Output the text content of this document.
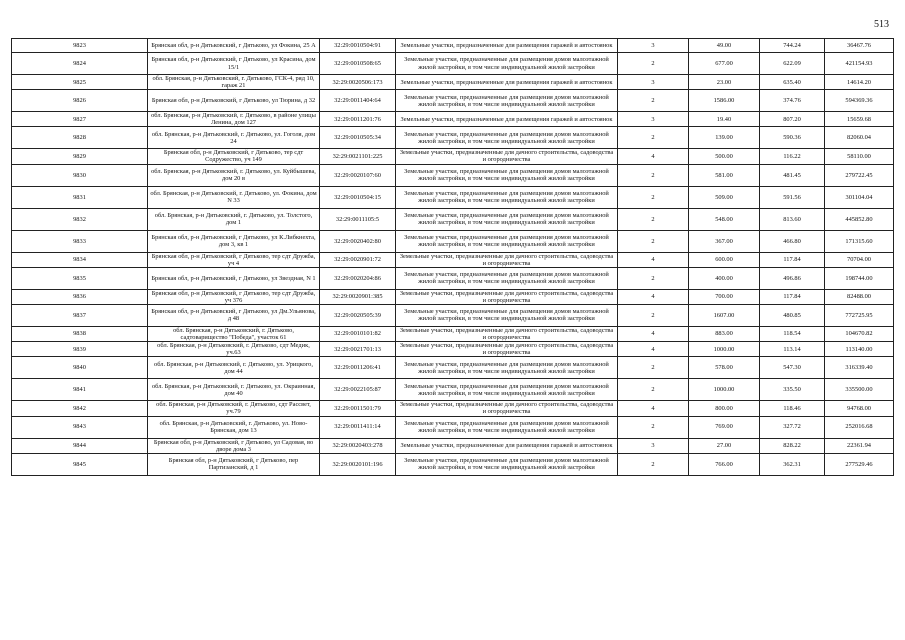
513
9823	Брянская обл, р-н Дятьковский, г Дятьково, ул Фокина, 25 А	32:29:0010504:91	Земельные участки, предназначенные для размещения гаражей и автостоянок	3	49.00	744.24	36467.76
9824	Брянская обл, р-н Дятьковский, г Дятьково, ул Красина, дом 15/1	32:29:0010508:65	Земельные участки, предназначенные для размещения домов малоэтажной жилой застройки, в том числе индивидуальной жилой застройки	2	677.00	622.09	421154.93
9825	обл. Брянская, р-н Дятьковский, г. Дятьково, ГСК-4, ряд 10, гараж 21	32:29:0020506:173	Земельные участки, предназначенные для размещения гаражей и автостоянок	3	23.00	635.40	14614.20
9826	Брянская обл, р-н Дятьковский, г Дятьково, ул Тюрина, д 32	32:29:0011404:64	Земельные участки, предназначенные для размещения домов малоэтажной жилой застройки, в том числе индивидуальной жилой застройки	2	1586.00	374.76	594369.36
9827	обл. Брянская, р-н Дятьковский, г. Дятьково, в районе улицы Ленина, дом 127	32:29:0011201:76	Земельные участки, предназначенные для размещения гаражей и автостоянок	3	19.40	807.20	15659.68
9828	обл. Брянская, р-н Дятьковский, г. Дятьково, ул. Гоголя, дом 24	32:29:0010505:34	Земельные участки, предназначенные для размещения домов малоэтажной жилой застройки, в том числе индивидуальной жилой застройки	2	139.00	590.36	82060.04
9829	Брянская обл, р-н Дятьковский, г Дятьково, тер сдт Содружество, уч 149	32:29:0021101:225	Земельные участки, предназначенные для дачного строительства, садоводства и огородничества	4	500.00	116.22	58110.00
9830	обл. Брянская, р-н Дятьковский, г. Дятьково, ул. Куйбышева, дом 20 в	32:29:0020107:60	Земельные участки, предназначенные для размещения домов малоэтажной жилой застройки, в том числе индивидуальной жилой застройки	2	581.00	481.45	279722.45
9831	обл. Брянская, р-н Дятьковский, г. Дятьково, ул. Фокина, дом N 33	32:29:0010504:15	Земельные участки, предназначенные для размещения домов малоэтажной жилой застройки, в том числе индивидуальной жилой застройки	2	509.00	591.56	301104.04
9832	обл. Брянская, р-н Дятьковский, г. Дятьково, ул. Толстого, дом 1	32:29:0011105:5	Земельные участки, предназначенные для размещения домов малоэтажной жилой застройки, в том числе индивидуальной жилой застройки	2	548.00	813.60	445852.80
9833	Брянская обл, р-н Дятьковский, г Дятьково, ул К.Либкнехта, дом 3, кв 1	32:29:0020402:80	Земельные участки, предназначенные для размещения домов малоэтажной жилой застройки, в том числе индивидуальной жилой застройки	2	367.00	466.80	171315.60
9834	Брянская обл, р-н Дятьковский, г Дятьково, тер сдт Дружба, уч 4	32:29:0020901:72	Земельные участки, предназначенные для дачного строительства, садоводства и огородничества	4	600.00	117.84	70704.00
9835	Брянская обл, р-н Дятьковский, г Дятьково, ул Звездная, N 1	32:29:0020204:86	Земельные участки, предназначенные для размещения домов малоэтажной жилой застройки, в том числе индивидуальной жилой застройки	2	400.00	496.86	198744.00
9836	Брянская обл, р-н Дятьковский, г Дятьково, тер сдт Дружба, уч 376	32:29:0020901:385	Земельные участки, предназначенные для дачного строительства, садоводства и огородничества	4	700.00	117.84	82488.00
9837	Брянская обл, р-н Дятьковский, г Дятьково, ул Дм.Ульянова, д 48	32:29:0020505:39	Земельные участки, предназначенные для размещения домов малоэтажной жилой застройки, в том числе индивидуальной жилой застройки	2	1607.00	480.85	772725.95
9838	обл. Брянская, р-н Дятьковский, г. Дятьково, садтоварищество "Победа", участок 61	32:29:0010101:82	Земельные участки, предназначенные для дачного строительства, садоводства и огородничества	4	883.00	118.54	104670.82
9839	обл. Брянская, р-н Дятьковский, г. Дятьково, сдт Медик, уч.63	32:29:0021701:13	Земельные участки, предназначенные для дачного строительства, садоводства и огородничества	4	1000.00	113.14	113140.00
9840	обл. Брянская, р-н Дятьковский, г. Дятьково, ул. Урицкого, дом 44	32:29:0011206:41	Земельные участки, предназначенные для размещения домов малоэтажной жилой застройки, в том числе индивидуальной жилой застройки	2	578.00	547.30	316339.40
9841	обл. Брянская, р-н Дятьковский, г. Дятьково, ул. Окраинная, дом 40	32:29:0022105:87	Земельные участки, предназначенные для размещения домов малоэтажной жилой застройки, в том числе индивидуальной жилой застройки	2	1000.00	335.50	335500.00
9842	обл. Брянская, р-н Дятьковский, г. Дятьково, сдт Рассвет, уч.79	32:29:0011501:79	Земельные участки, предназначенные для дачного строительства, садоводства и огородничества	4	800.00	118.46	94768.00
9843	обл. Брянская, р-н Дятьковский, г. Дятьково, ул. Ново-Брянская, дом 13	32:29:0011411:14	Земельные участки, предназначенные для размещения домов малоэтажной жилой застройки, в том числе индивидуальной жилой застройки	2	769.00	327.72	252016.68
9844	Брянская обл, р-н Дятьковский, г Дятьково, ул Садовая, во дворе дома 3	32:29:0020403:278	Земельные участки, предназначенные для размещения гаражей и автостоянок	3	27.00	828.22	22361.94
9845	Брянская обл, р-н Дятьковский, г Дятьково, пер Партизанский, д 1	32:29:0020101:196	Земельные участки, предназначенные для размещения домов малоэтажной жилой застройки, в том числе индивидуальной жилой застройки	2	766.00	362.31	277529.46
